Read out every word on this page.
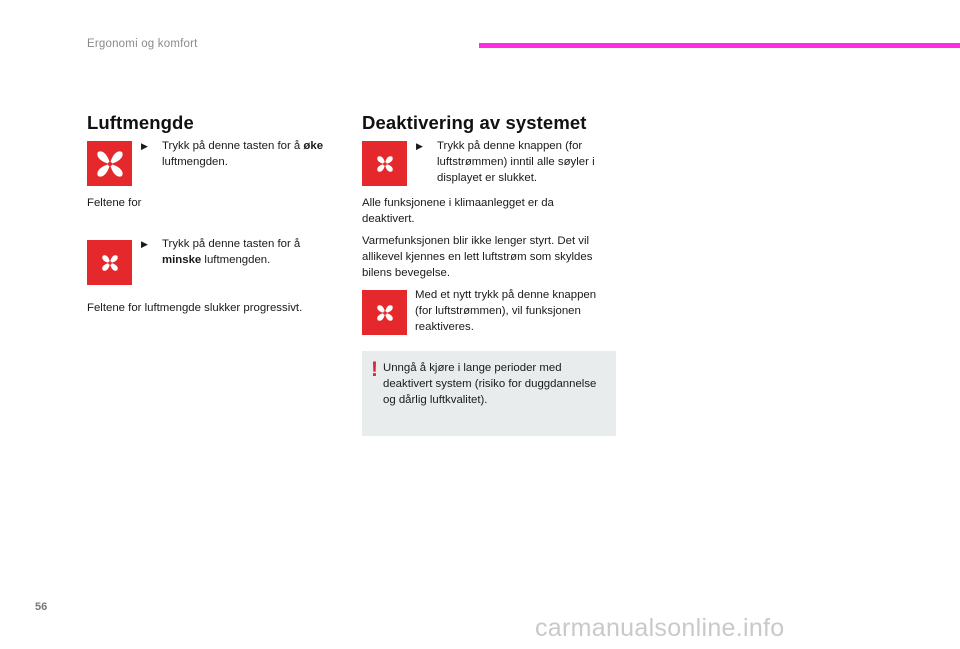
Ergonomi og komfort
Luftmengde
▶ Trykk på denne tasten for å øke
luftmengden.
Feltene for
▶ Trykk på denne tasten for å
minske luftmengden.
Feltene for luftmengde slukker progressivt.
Deaktivering av systemet
▶ Trykk på denne knappen (for
luftstrømmen) inntil alle søyler i
displayet er slukket.
Alle funksjonene i klimaanlegget er da
deaktivert.
Varmefunksjonen blir ikke lenger styrt. Det vil
allikevel kjennes en lett luftstrøm som skyldes
bilens bevegelse.
Med et nytt trykk på denne knappen
(for luftstrømmen), vil funksjonen
reaktiveres.
! Unngå å kjøre i lange perioder med
deaktivert system (risiko for duggdannelse
og dårlig luftkvalitet).
56
carmanualsonline.info
